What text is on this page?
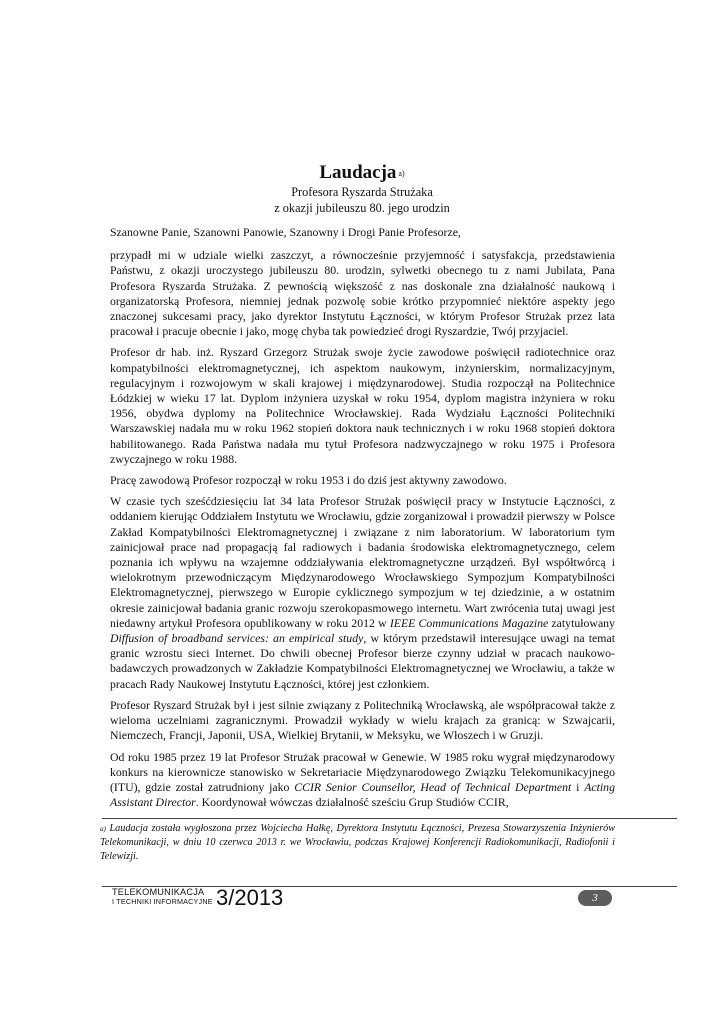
Laudacja $^{a)}$
Profesora Ryszarda Strużaka
z okazji jubileuszu 80. jego urodzin

Szanowne Panie, Szanowni Panowie, Szanowny i Drogi Panie Profesorze,

przypadł mi w udziale wielki zaszczyt, a równocześnie przyjemność i satysfakcja, przedstawienia Państwu, z okazji uroczystego jubileuszu 80. urodzin, sylwetki obecnego tu z nami Jubilata, Pana Profesora Ryszarda Strużaka. Z pewnością większość z nas doskonale zna działalność naukową i organizatorską Profesora, niemniej jednak pozwolę sobie krótko przypomnieć niektóre aspekty jego znaczonej sukcesami pracy, jako dyrektor Instytutu Łączności, w którym Profesor Strużak przez lata pracował i pracuje obecnie i jako, mogę chyba tak powiedzieć drogi Ryszardzie, Twój przyjaciel.

Profesor dr hab. inż. Ryszard Grzegorz Strużak swoje życie zawodowe poświęcił radiotechnice oraz kompatybilności elektromagnetycznej, ich aspektom naukowym, inżynierskim, normalizacyjnym, regulacyjnym i rozwojowym w skali krajowej i międzynarodowej. Studia rozpoczął na Politechnice Łódzkiej w wieku 17 lat. Dyplom inżyniera uzyskał w roku 1954, dyplom magistra inżyniera w roku 1956, obydwa dyplomy na Politechnice Wrocławskiej. Rada Wydziału Łączności Politechniki Warszawskiej nadała mu w roku 1962 stopień doktora nauk technicznych i w roku 1968 stopień doktora habilitowanego. Rada Państwa nadała mu tytuł Profesora nadzwyczajnego w roku 1975 i Profesora zwyczajnego w roku 1988.

Pracę zawodową Profesor rozpoczął w roku 1953 i do dziś jest aktywny zawodowo.

W czasie tych sześćdziesięciu lat 34 lata Profesor Strużak poświęcił pracy w Instytucie Łączności, z oddaniem kierując Oddziałem Instytutu we Wrocławiu, gdzie zorganizował i prowadził pierwszy w Polsce Zakład Kompatybilności Elektromagnetycznej i związane z nim laboratorium. W laboratorium tym zainicjował prace nad propagacją fal radiowych i badania środowiska elektromagnetycznego, celem poznania ich wpływu na wzajemne oddziaływania elektromagnetyczne urządzeń. Był współtwórcą i wielokrotnym przewodniczącym Międzynarodowego Wrocławskiego Sympozjum Kompatybilności Elektromagnetycznej, pierwszego w Europie cyklicznego sympozjum w tej dziedzinie, a w ostatnim okresie zainicjował badania granic rozwoju szerokopasmowego internetu. Wart zwrócenia tutaj uwagi jest niedawny artykuł Profesora opublikowany w roku 2012 w IEEE Communications Magazine zatytułowany Diffusion of broadband services: an empirical study, w którym przedstawił interesujące uwagi na temat granic wzrostu sieci Internet. Do chwili obecnej Profesor bierze czynny udział w pracach naukowo-badawczych prowadzonych w Zakładzie Kompatybilności Elektromagnetycznej we Wrocławiu, a także w pracach Rady Naukowej Instytutu Łączności, której jest członkiem.

Profesor Ryszard Strużak był i jest silnie związany z Politechniką Wrocławską, ale współpracował także z wieloma uczelniami zagranicznymi. Prowadził wykłady w wielu krajach za granicą: w Szwajcarii, Niemczech, Francji, Japonii, USA, Wielkiej Brytanii, w Meksyku, we Włoszech i w Gruzji.

Od roku 1985 przez 19 lat Profesor Strużak pracował w Genewie. W 1985 roku wygrał międzynarodowy konkurs na kierownicze stanowisko w Sekretariacie Międzynarodowego Związku Telekomunikacyjnego (ITU), gdzie został zatrudniony jako CCIR Senior Counsellor, Head of Technical Department i Acting Assistant Director. Koordynował wówczas działalność sześciu Grup Studiów CCIR,

$^{a)}$ Laudacja została wygłoszona przez Wojciecha Hałkę, Dyrektora Instytutu Łączności, Prezesa Stowarzyszenia Inżynierów Telekomunikacji, w dniu 10 czerwca 2013 r. we Wrocławiu, podczas Krajowej Konferencji Radiokomunikacji, Radiofonii i Telewizji.
TELEKOMUNIKACJA
I TECHNIKI INFORMACYJNE 3/2013	3
